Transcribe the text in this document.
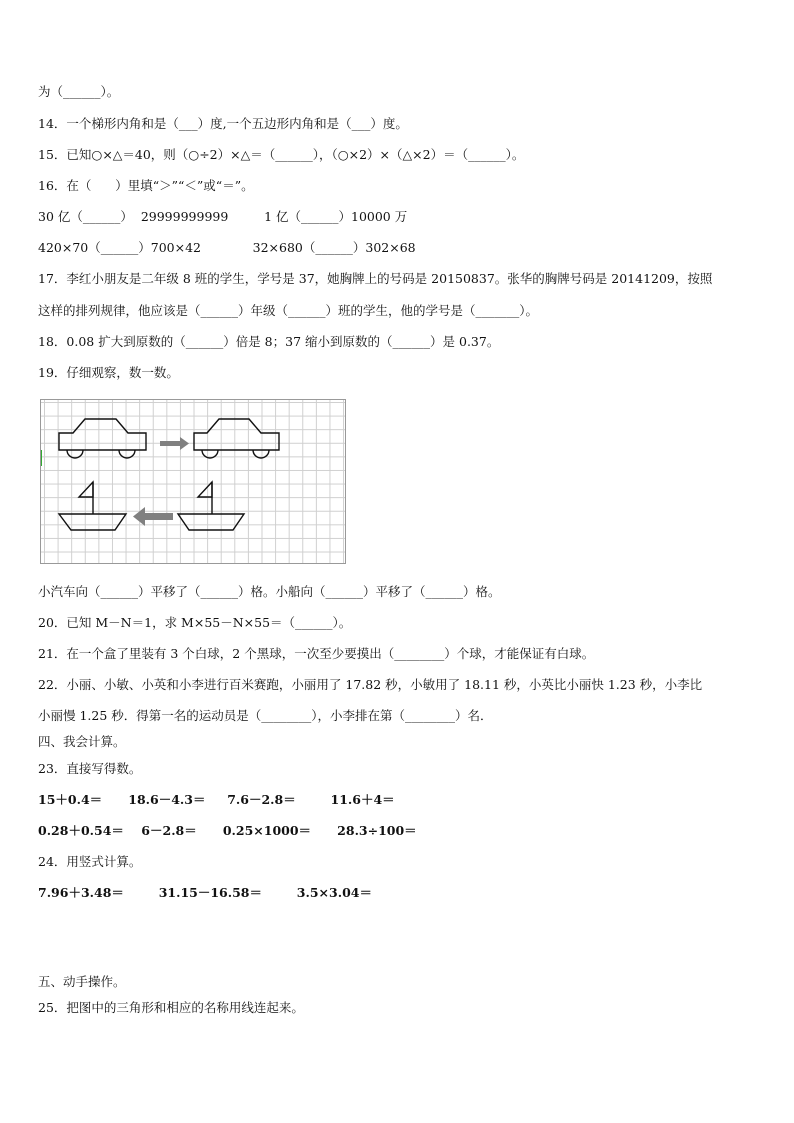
为（______）。
14．一个梯形内角和是（___）度,一个五边形内角和是（___）度。
15．已知○×△＝40，则（○÷2）×△＝（______），（○×2）×（△×2）＝（______）。
16．在（      ）里填“＞”“＜”或“＝”。
30 亿（______）  29999999999         1 亿（______）10000 万
420×70（______）700×42             32×680（______）302×68
17．李红小朋友是二年级 8 班的学生，学号是 37，她胸牌上的号码是 20150837。张华的胸牌号码是 20141209，按照
这样的排列规律，他应该是（______）年级（______）班的学生，他的学号是（_______）。
18．0.08 扩大到原数的（______）倍是 8；37 缩小到原数的（______）是 0.37。
19．仔细观察，数一数。
小汽车向（______）平移了（______）格。小船向（______）平移了（______）格。
20．已知 M－N＝1，求 M×55－N×55＝（______）。
21．在一个盒了里装有 3 个白球，2 个黑球，一次至少要摸出（________）个球，才能保证有白球。
22．小丽、小敏、小英和小李进行百米赛跑，小丽用了 17.82 秒，小敏用了 18.11 秒，小英比小丽快 1.23 秒，小李比
小丽慢 1.25 秒．得第一名的运动员是（________），小李排在第（________）名．
四、我会计算。
23．直接写得数。
15＋0.4＝      18.6－4.3＝     7.6－2.8＝        11.6＋4＝
0.28＋0.54＝    6－2.8＝      0.25×1000＝      28.3÷100＝
24．用竖式计算。
7.96＋3.48＝        31.15－16.58＝        3.5×3.04＝
五、动手操作。
25．把图中的三角形和相应的名称用线连起来。
